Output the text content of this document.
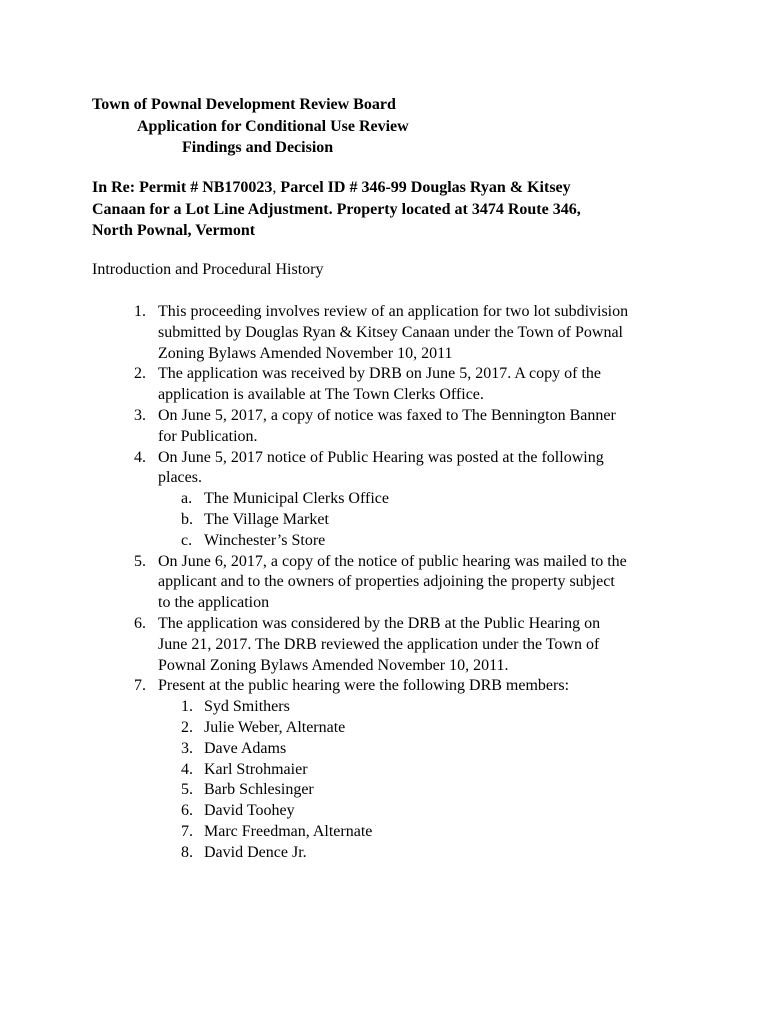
Town of Pownal Development Review Board
Application for Conditional Use Review
Findings and Decision
In Re: Permit # NB170023, Parcel ID # 346-99 Douglas Ryan & Kitsey
Canaan for a Lot Line Adjustment. Property located at 3474 Route 346,
North Pownal, Vermont
Introduction and Procedural History
1. This proceeding involves review of an application for two lot subdivision
submitted by Douglas Ryan & Kitsey Canaan under the Town of Pownal
Zoning Bylaws Amended November 10, 2011
2. The application was received by DRB on June 5, 2017. A copy of the
application is available at The Town Clerks Office.
3. On June 5, 2017, a copy of notice was faxed to The Bennington Banner
for Publication.
4. On June 5, 2017 notice of Public Hearing was posted at the following
places.
a. The Municipal Clerks Office
b. The Village Market
c. Winchester’s Store
5. On June 6, 2017, a copy of the notice of public hearing was mailed to the
applicant and to the owners of properties adjoining the property subject
to the application
6. The application was considered by the DRB at the Public Hearing on
June 21, 2017. The DRB reviewed the application under the Town of
Pownal Zoning Bylaws Amended November 10, 2011.
7. Present at the public hearing were the following DRB members:
1. Syd Smithers
2. Julie Weber, Alternate
3. Dave Adams
4. Karl Strohmaier
5. Barb Schlesinger
6. David Toohey
7. Marc Freedman, Alternate
8. David Dence Jr.
